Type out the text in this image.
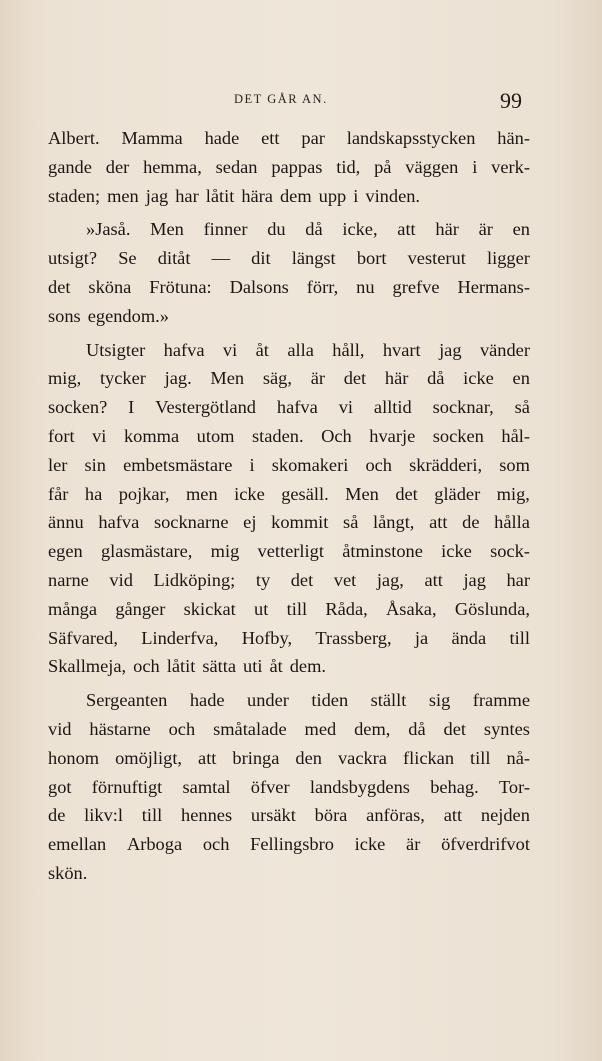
DET GÅR AN.	99
Albert. Mamma hade ett par landskapsstycken hän-
gande der hemma, sedan pappas tid, på väggen i verk-
staden; men jag har låtit hära dem upp i vinden.
»Jaså. Men finner du då icke, att här är en
utsigt? Se ditåt — dit längst bort vesterut ligger
det sköna Frötuna: Dalsons förr, nu grefve Hermans-
sons egendom.»
Utsigter hafva vi åt alla håll, hvart jag vänder
mig, tycker jag. Men säg, är det här då icke en
socken? I Vestergötland hafva vi alltid socknar, så
fort vi komma utom staden. Och hvarje socken hål-
ler sin embetsmästare i skomakeri och skrädderi, som
får ha pojkar, men icke gesäll. Men det gläder mig,
ännu hafva socknarne ej kommit så långt, att de hålla
egen glasmästare, mig vetterligt åtminstone icke sock-
narne vid Lidköping; ty det vet jag, att jag har
många gånger skickat ut till Råda, Åsaka, Göslunda,
Säfvared, Linderfva, Hofby, Trassberg, ja ända till
Skallmeja, och låtit sätta uti åt dem.
Sergeanten hade under tiden ställt sig framme
vid hästarne och småtalade med dem, då det syntes
honom omöjligt, att bringa den vackra flickan till nå-
got förnuftigt samtal öfver landsbygdens behag. Tor-
de likv:l till hennes ursäkt böra anföras, att nejden
emellan Arboga och Fellingsbro icke är öfverdrifvot
skön.
